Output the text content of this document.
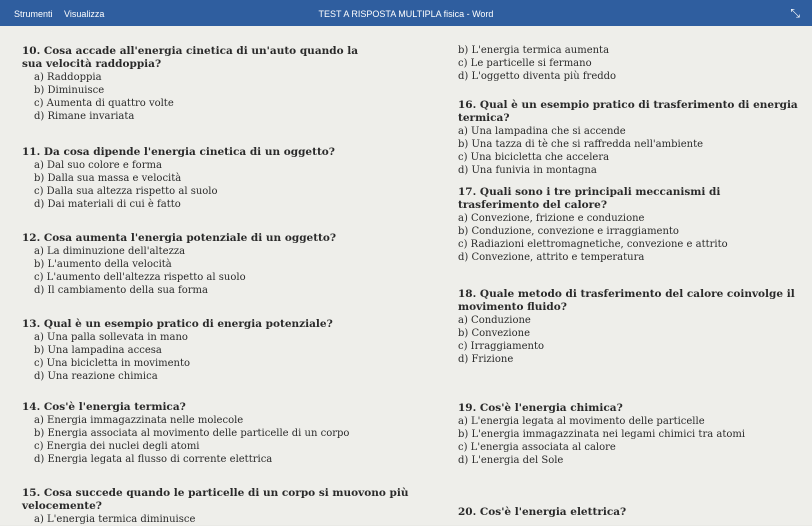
Strumenti Visualizza	TEST A RISPOSTA MULTIPLA fisica - Word	⤡
10. Cosa accade all'energia cinetica di un'auto quando la sua velocità raddoppia?
a) Raddoppia
b) Diminuisce
c) Aumenta di quattro volte
d) Rimane invariata
11. Da cosa dipende l'energia cinetica di un oggetto?
a) Dal suo colore e forma
b) Dalla sua massa e velocità
c) Dalla sua altezza rispetto al suolo
d) Dai materiali di cui è fatto
12. Cosa aumenta l'energia potenziale di un oggetto?
a) La diminuzione dell'altezza
b) L'aumento della velocità
c) L'aumento dell'altezza rispetto al suolo
d) Il cambiamento della sua forma
13. Qual è un esempio pratico di energia potenziale?
a) Una palla sollevata in mano
b) Una lampadina accesa
c) Una bicicletta in movimento
d) Una reazione chimica
14. Cos'è l'energia termica?
a) Energia immagazzinata nelle molecole
b) Energia associata al movimento delle particelle di un corpo
c) Energia dei nuclei degli atomi
d) Energia legata al flusso di corrente elettrica
15. Cosa succede quando le particelle di un corpo si muovono più velocemente?
a) L'energia termica diminuisce
b) L'energia termica aumenta
c) Le particelle si fermano
d) L'oggetto diventa più freddo
16. Qual è un esempio pratico di trasferimento di energia termica?
a) Una lampadina che si accende
b) Una tazza di tè che si raffredda nell'ambiente
c) Una bicicletta che accelera
d) Una funivia in montagna
17. Quali sono i tre principali meccanismi di trasferimento del calore?
a) Convezione, frizione e conduzione
b) Conduzione, convezione e irraggiamento
c) Radiazioni elettromagnetiche, convezione e attrito
d) Convezione, attrito e temperatura
18. Quale metodo di trasferimento del calore coinvolge il movimento fluido?
a) Conduzione
b) Convezione
c) Irraggiamento
d) Frizione
19. Cos'è l'energia chimica?
a) L'energia legata al movimento delle particelle
b) L'energia immagazzinata nei legami chimici tra atomi
c) L'energia associata al calore
d) L'energia del Sole
20. Cos'è l'energia elettrica?
